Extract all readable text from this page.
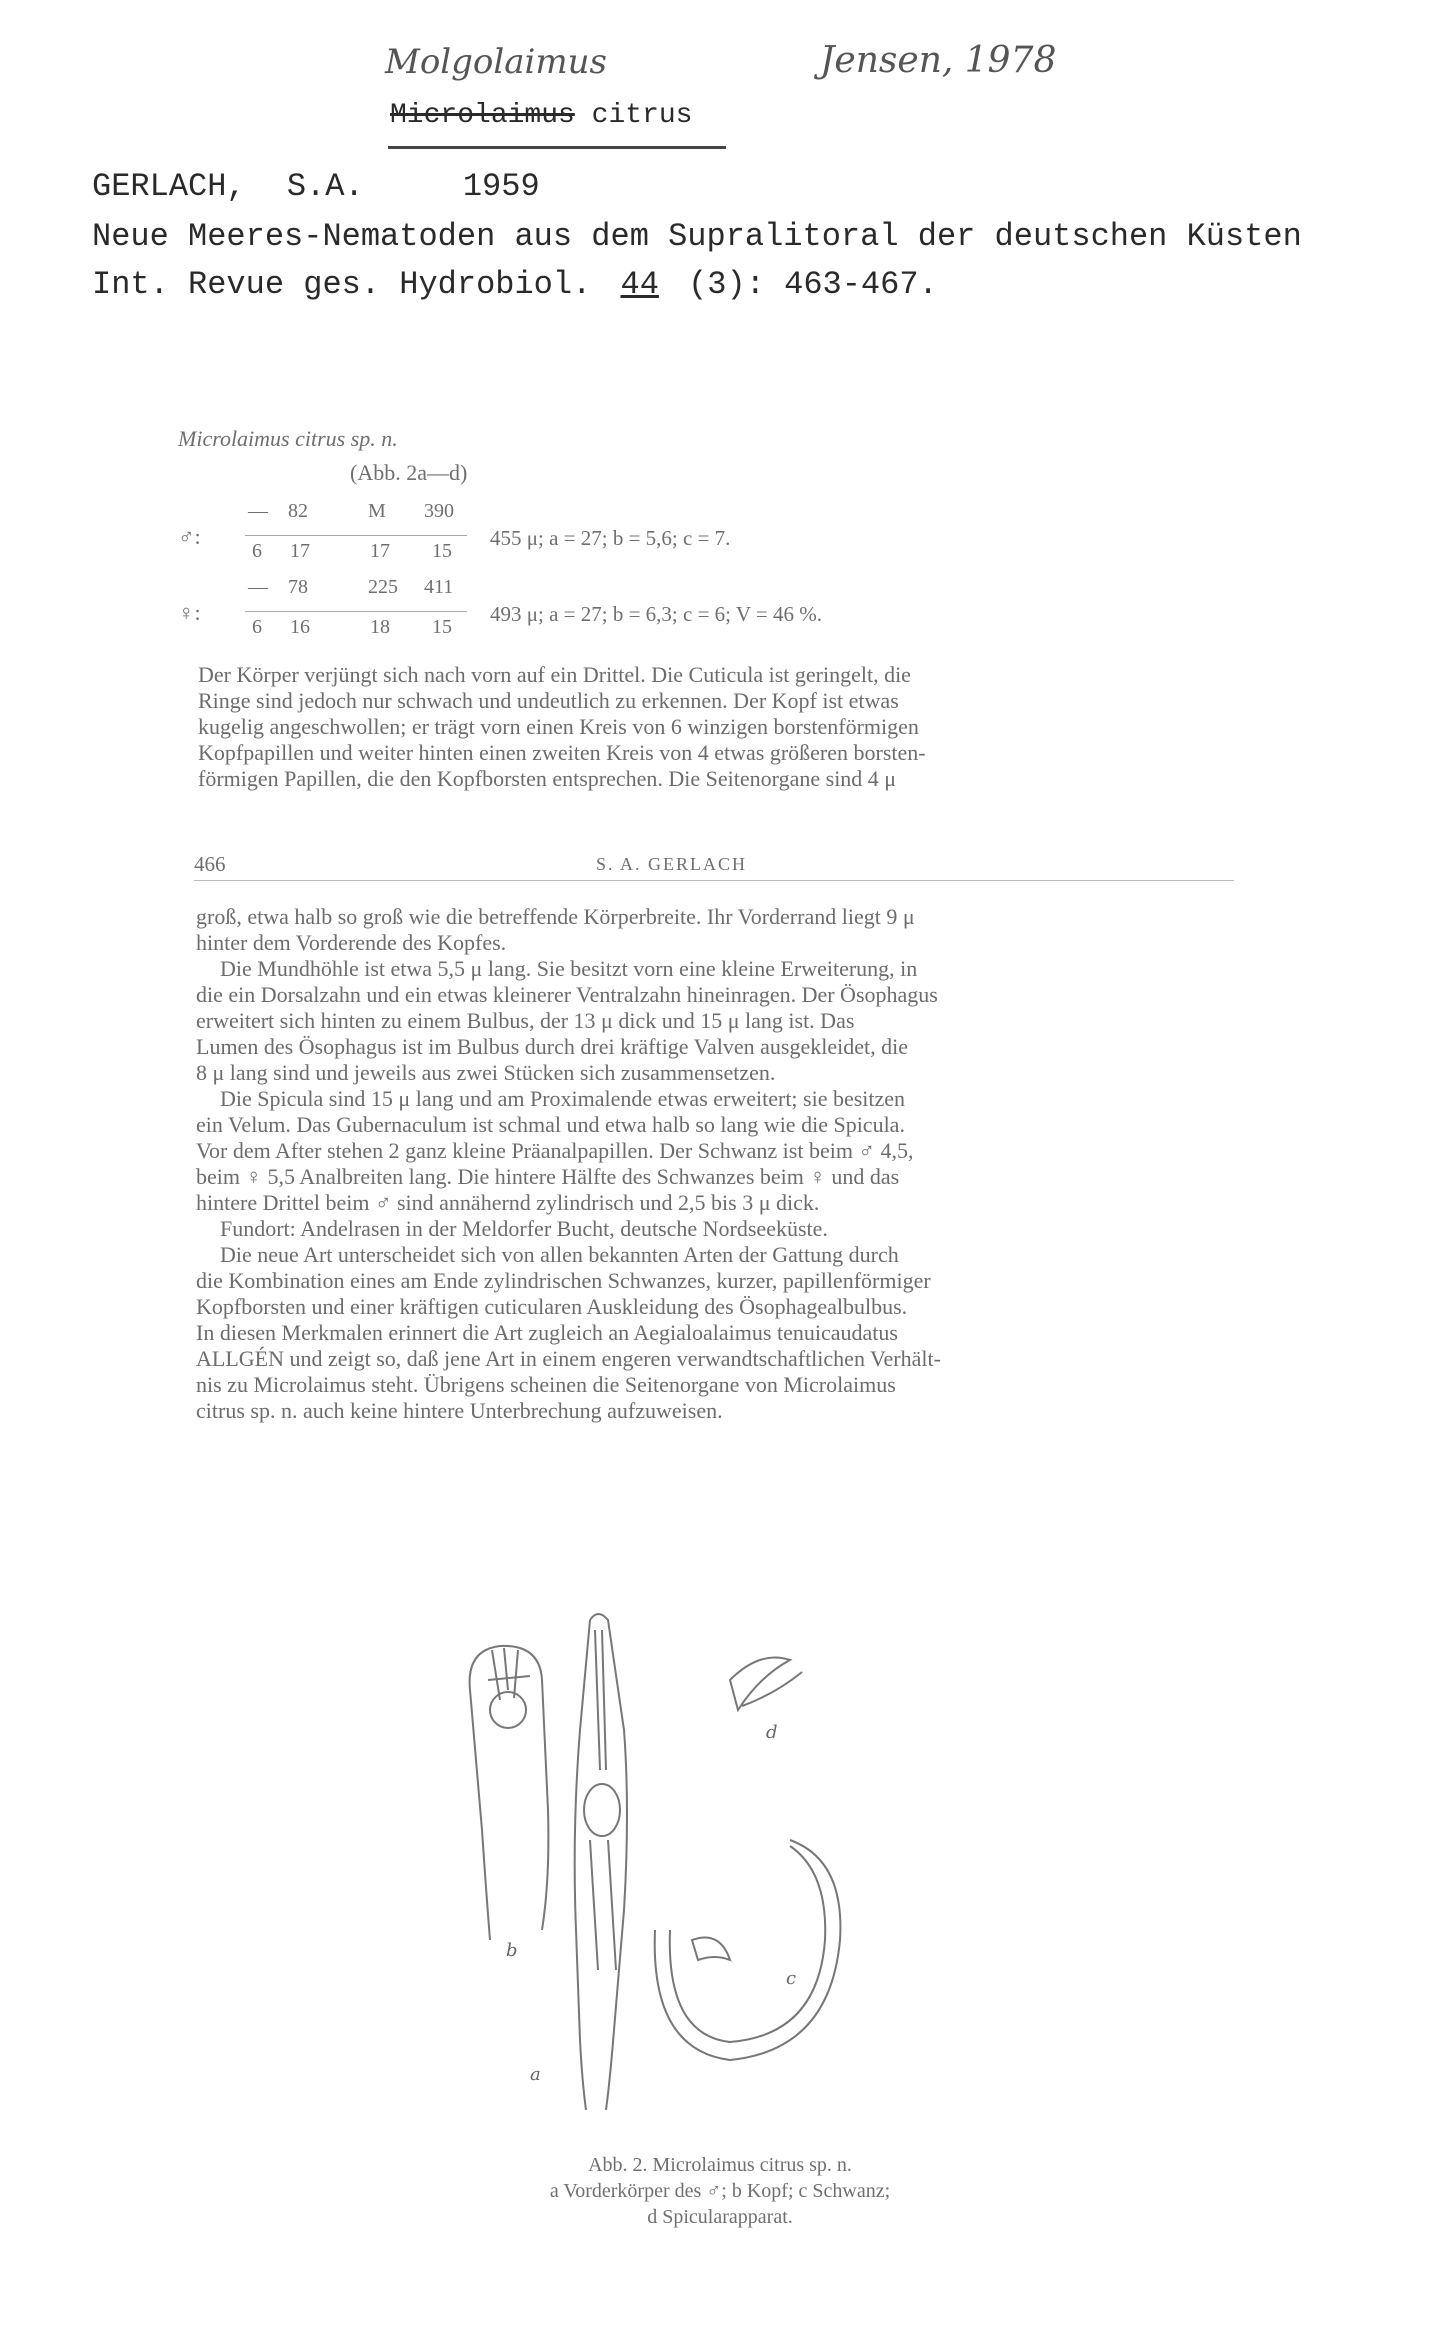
Molgolaimus	Jensen, 1978
Microlaimus citrus
GERLACH, S.A.	1959
Neue Meeres-Nematoden aus dem Supralitoral der deutschen Küsten
Int. Revue ges. Hydrobiol. 44 (3): 463-467.
Microlaimus citrus sp. n.
(Abb. 2a—d)
♂:
— 82	M 390
6 17	17 15
455 μ; a = 27; b = 5,6; c = 7.
♀:
— 78	225 411
6 16	18 15
493 μ; a = 27; b = 6,3; c = 6; V = 46 %.
Der Körper verjüngt sich nach vorn auf ein Drittel. Die Cuticula ist geringelt, die
Ringe sind jedoch nur schwach und undeutlich zu erkennen. Der Kopf ist etwas
kugelig angeschwollen; er trägt vorn einen Kreis von 6 winzigen borstenförmigen
Kopfpapillen und weiter hinten einen zweiten Kreis von 4 etwas größeren borsten-
förmigen Papillen, die den Kopfborsten entsprechen. Die Seitenorgane sind 4 μ
466	S. A. GERLACH
groß, etwa halb so groß wie die betreffende Körperbreite. Ihr Vorderrand liegt 9 μ
hinter dem Vorderende des Kopfes.
Die Mundhöhle ist etwa 5,5 μ lang. Sie besitzt vorn eine kleine Erweiterung, in
die ein Dorsalzahn und ein etwas kleinerer Ventralzahn hineinragen. Der Ösophagus
erweitert sich hinten zu einem Bulbus, der 13 μ dick und 15 μ lang ist. Das
Lumen des Ösophagus ist im Bulbus durch drei kräftige Valven ausgekleidet, die
8 μ lang sind und jeweils aus zwei Stücken sich zusammensetzen.
Die Spicula sind 15 μ lang und am Proximalende etwas erweitert; sie besitzen
ein Velum. Das Gubernaculum ist schmal und etwa halb so lang wie die Spicula.
Vor dem After stehen 2 ganz kleine Präanalpapillen. Der Schwanz ist beim ♂ 4,5,
beim ♀ 5,5 Analbreiten lang. Die hintere Hälfte des Schwanzes beim ♀ und das
hintere Drittel beim ♂ sind annähernd zylindrisch und 2,5 bis 3 μ dick.
Fundort: Andelrasen in der Meldorfer Bucht, deutsche Nordseeküste.
Die neue Art unterscheidet sich von allen bekannten Arten der Gattung durch
die Kombination eines am Ende zylindrischen Schwanzes, kurzer, papillenförmiger
Kopfborsten und einer kräftigen cuticularen Auskleidung des Ösophagealbulbus.
In diesen Merkmalen erinnert die Art zugleich an Aegialoalaimus tenuicaudatus
ALLGÉN und zeigt so, daß jene Art in einem engeren verwandtschaftlichen Verhält-
nis zu Microlaimus steht. Übrigens scheinen die Seitenorgane von Microlaimus
citrus sp. n. auch keine hintere Unterbrechung aufzuweisen.
b
a
d
c
Abb. 2. Microlaimus citrus sp. n.
a Vorderkörper des ♂; b Kopf; c Schwanz;
d Spicularapparat.
